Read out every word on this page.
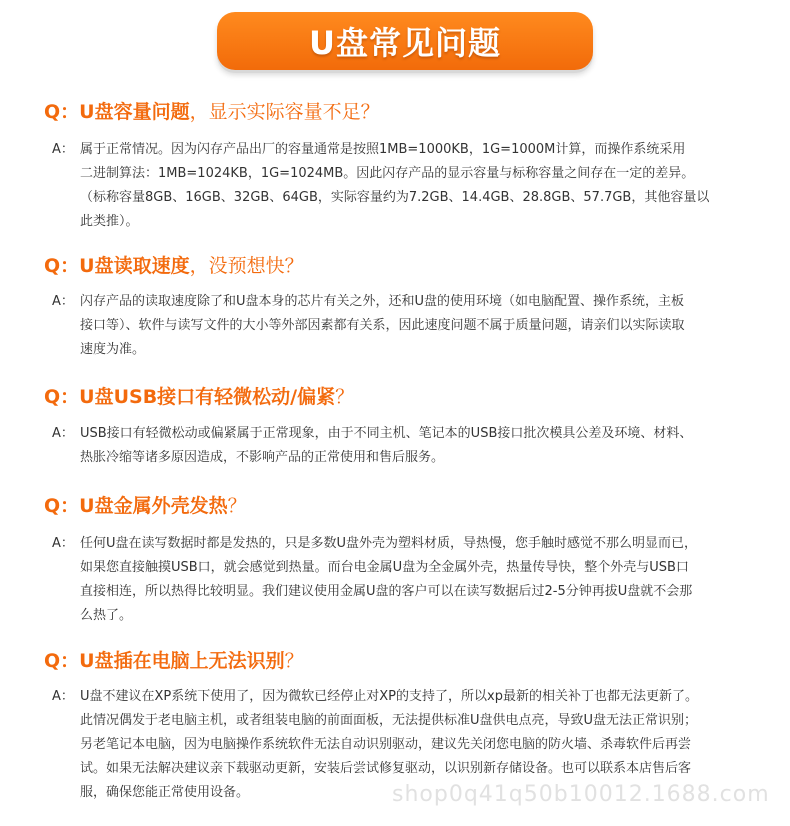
U盘常见问题
Q：U盘容量问题，显示实际容量不足？
A： 属于正常情况。因为闪存产品出厂的容量通常是按照1MB=1000KB，1G=1000M计算，而操作系统采用
二进制算法：1MB=1024KB，1G=1024MB。因此闪存产品的显示容量与标称容量之间存在一定的差异。
（标称容量8GB、16GB、32GB、64GB，实际容量约为7.2GB、14.4GB、28.8GB、57.7GB，其他容量以
此类推）。
Q：U盘读取速度，没预想快？
A： 闪存产品的读取速度除了和U盘本身的芯片有关之外，还和U盘的使用环境（如电脑配置、操作系统，主板
接口等）、软件与读写文件的大小等外部因素都有关系，因此速度问题不属于质量问题，请亲们以实际读取
速度为准。
Q：U盘USB接口有轻微松动/偏紧？
A： USB接口有轻微松动或偏紧属于正常现象，由于不同主机、笔记本的USB接口批次模具公差及环境、材料、
热胀冷缩等诸多原因造成，不影响产品的正常使用和售后服务。
Q：U盘金属外壳发热？
A： 任何U盘在读写数据时都是发热的，只是多数U盘外壳为塑料材质，导热慢，您手触时感觉不那么明显而已，
如果您直接触摸USB口，就会感觉到热量。而台电金属U盘为全金属外壳，热量传导快，整个外壳与USB口
直接相连，所以热得比较明显。我们建议使用金属U盘的客户可以在读写数据后过2-5分钟再拔U盘就不会那
么热了。
Q：U盘插在电脑上无法识别？
A： U盘不建议在XP系统下使用了，因为微软已经停止对XP的支持了，所以xp最新的相关补丁也都无法更新了。
此情况偶发于老电脑主机，或者组装电脑的前面面板，无法提供标准U盘供电点亮，导致U盘无法正常识别；
另老笔记本电脑，因为电脑操作系统软件无法自动识别驱动，建议先关闭您电脑的防火墙、杀毒软件后再尝
试。如果无法解决建议亲下载驱动更新，安装后尝试修复驱动，以识别新存储设备。也可以联系本店售后客
服，确保您能正常使用设备。	shop0q41q50b10012.1688.com
